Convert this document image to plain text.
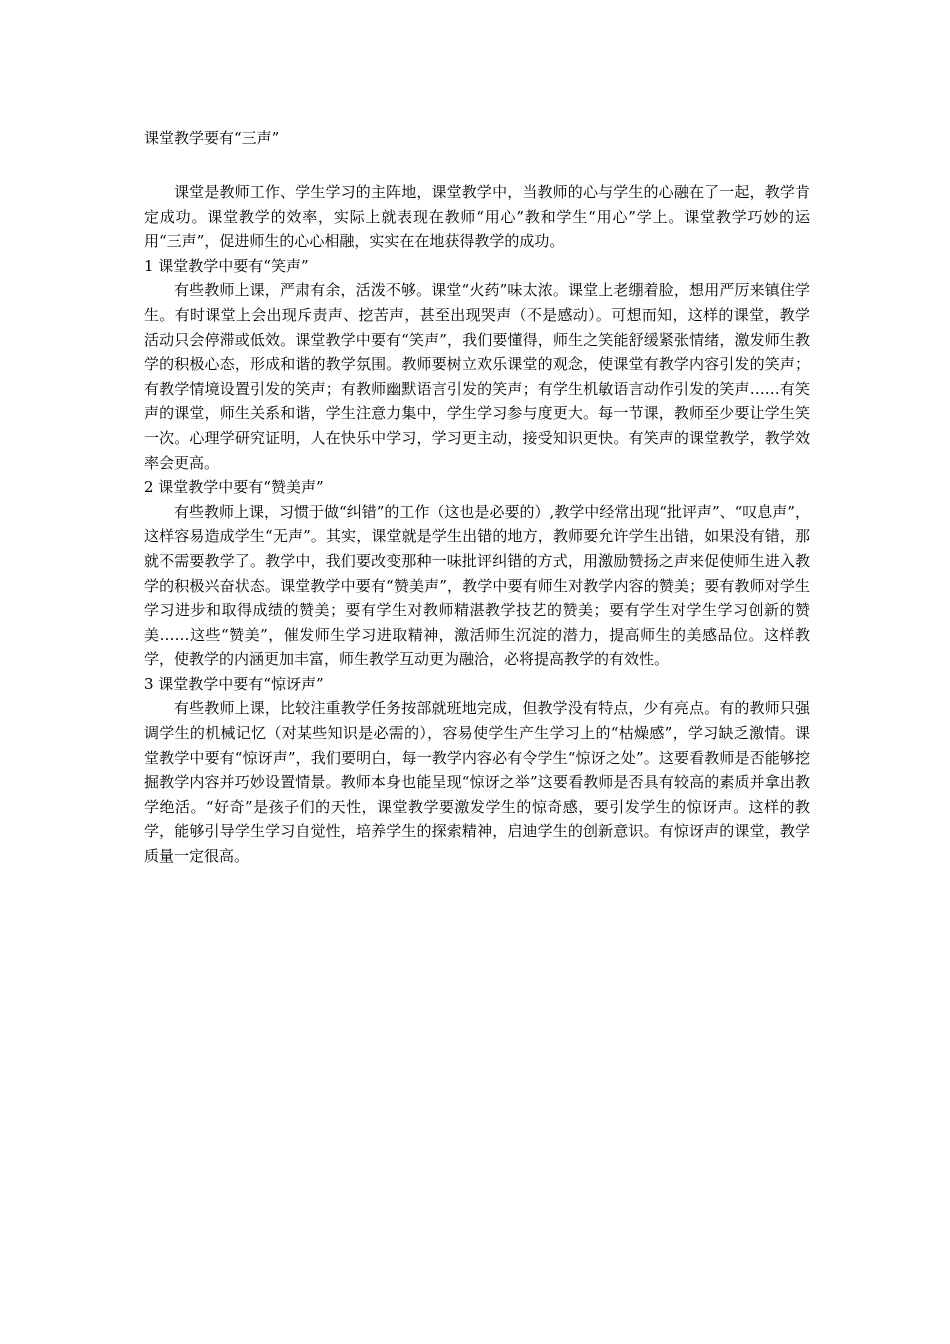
课堂教学要有“三声”

课堂是教师工作、学生学习的主阵地，课堂教学中，当教师的心与学生的心融在了一起，教学肯定成功。课堂教学的效率，实际上就表现在教师“用心”教和学生“用心”学上。课堂教学巧妙的运用“三声”，促进师生的心心相融，实实在在地获得教学的成功。

1 课堂教学中要有“笑声”

有些教师上课，严肃有余，活泼不够。课堂“火药”味太浓。课堂上老绷着脸，想用严厉来镇住学生。有时课堂上会出现斥责声、挖苦声，甚至出现哭声（不是感动）。可想而知，这样的课堂，教学活动只会停滞或低效。课堂教学中要有“笑声”，我们要懂得，师生之笑能舒缓紧张情绪，激发师生教学的积极心态，形成和谐的教学氛围。教师要树立欢乐课堂的观念，使课堂有教学内容引发的笑声；有教学情境设置引发的笑声；有教师幽默语言引发的笑声；有学生机敏语言动作引发的笑声……有笑声的课堂，师生关系和谐，学生注意力集中，学生学习参与度更大。每一节课，教师至少要让学生笑一次。心理学研究证明，人在快乐中学习，学习更主动，接受知识更快。有笑声的课堂教学，教学效率会更高。

2 课堂教学中要有“赞美声”

有些教师上课，习惯于做“纠错”的工作（这也是必要的）,教学中经常出现“批评声”、“叹息声”，这样容易造成学生“无声”。其实，课堂就是学生出错的地方，教师要允许学生出错，如果没有错，那就不需要教学了。教学中，我们要改变那种一味批评纠错的方式，用激励赞扬之声来促使师生进入教学的积极兴奋状态。课堂教学中要有“赞美声”，教学中要有师生对教学内容的赞美；要有教师对学生学习进步和取得成绩的赞美；要有学生对教师精湛教学技艺的赞美；要有学生对学生学习创新的赞美……这些“赞美”，催发师生学习进取精神，激活师生沉淀的潜力，提高师生的美感品位。这样教学，使教学的内涵更加丰富，师生教学互动更为融洽，必将提高教学的有效性。

3 课堂教学中要有“惊讶声”

有些教师上课，比较注重教学任务按部就班地完成，但教学没有特点，少有亮点。有的教师只强调学生的机械记忆（对某些知识是必需的），容易使学生产生学习上的“枯燥感”，学习缺乏激情。课堂教学中要有“惊讶声”，我们要明白，每一教学内容必有令学生“惊讶之处”。这要看教师是否能够挖掘教学内容并巧妙设置情景。教师本身也能呈现“惊讶之举”这要看教师是否具有较高的素质并拿出教学绝活。“好奇”是孩子们的天性，课堂教学要激发学生的惊奇感，要引发学生的惊讶声。这样的教学，能够引导学生学习自觉性，培养学生的探索精神，启迪学生的创新意识。有惊讶声的课堂，教学质量一定很高。
